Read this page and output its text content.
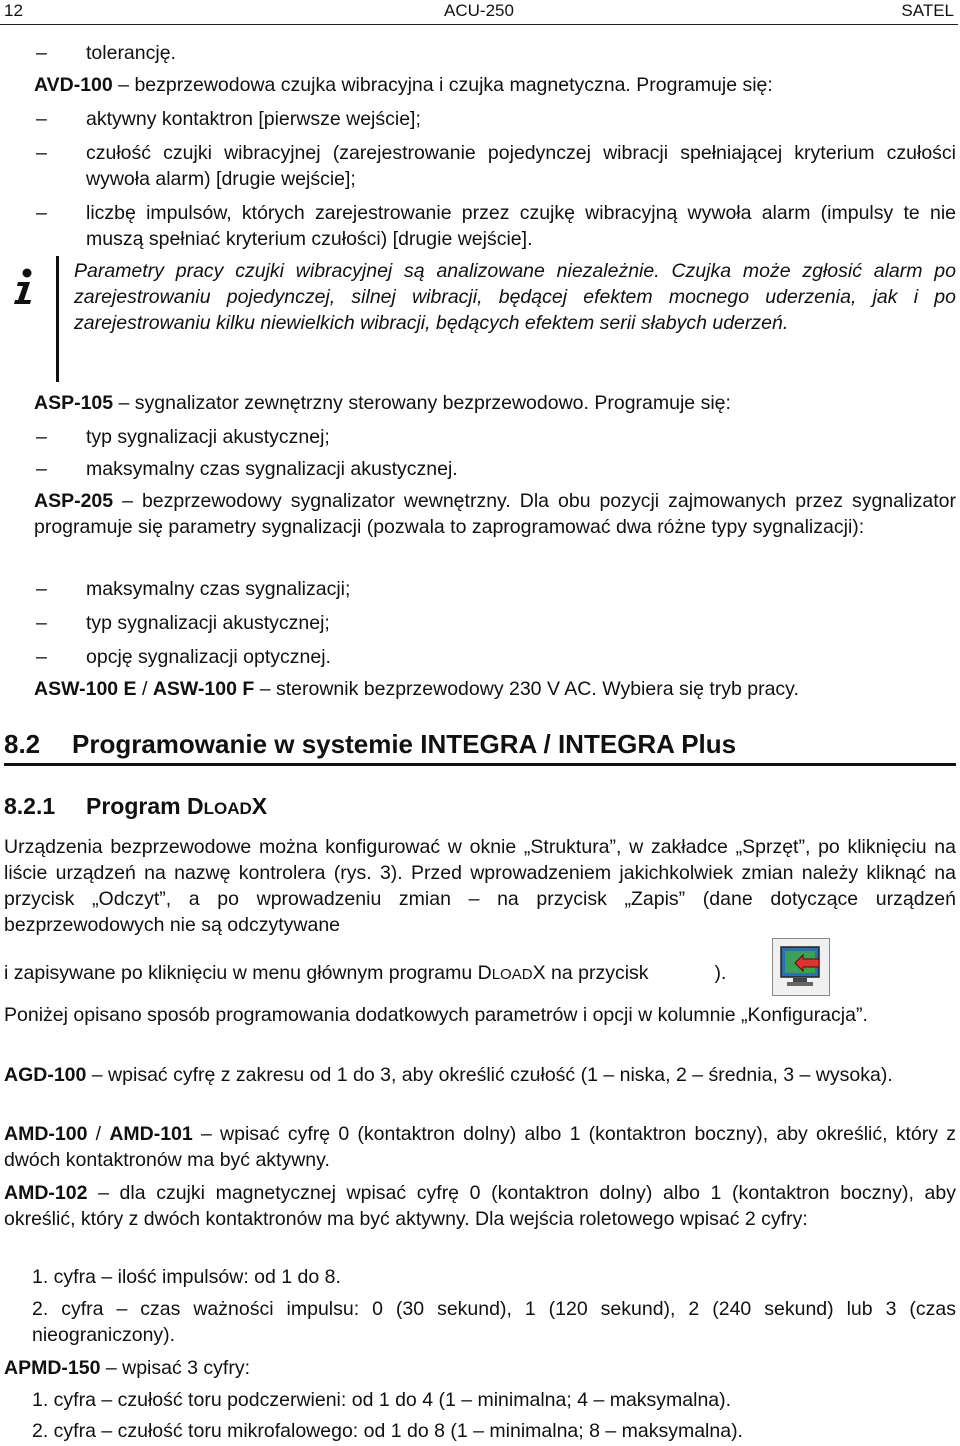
12	ACU-250	SATEL
– tolerancję.
AVD-100 – bezprzewodowa czujka wibracyjna i czujka magnetyczna. Programuje się:
– aktywny kontaktron [pierwsze wejście];
– czułość czujki wibracyjnej (zarejestrowanie pojedynczej wibracji spełniającej kryterium czułości wywoła alarm) [drugie wejście];
– liczbę impulsów, których zarejestrowanie przez czujkę wibracyjną wywoła alarm (impulsy te nie muszą spełniać kryterium czułości) [drugie wejście].
Parametry pracy czujki wibracyjnej są analizowane niezależnie. Czujka może zgłosić alarm po zarejestrowaniu pojedynczej, silnej wibracji, będącej efektem mocnego uderzenia, jak i po zarejestrowaniu kilku niewielkich wibracji, będących efektem serii słabych uderzeń.
ASP-105 – sygnalizator zewnętrzny sterowany bezprzewodowo. Programuje się:
– typ sygnalizacji akustycznej;
– maksymalny czas sygnalizacji akustycznej.
ASP-205 – bezprzewodowy sygnalizator wewnętrzny. Dla obu pozycji zajmowanych przez sygnalizator programuje się parametry sygnalizacji (pozwala to zaprogramować dwa różne typy sygnalizacji):
– maksymalny czas sygnalizacji;
– typ sygnalizacji akustycznej;
– opcję sygnalizacji optycznej.
ASW-100 E / ASW-100 F – sterownik bezprzewodowy 230 V AC. Wybiera się tryb pracy.
8.2 Programowanie w systemie INTEGRA / INTEGRA Plus
8.2.1 Program DLOADX
Urządzenia bezprzewodowe można konfigurować w oknie „Struktura”, w zakładce „Sprzęt”, po kliknięciu na liście urządzeń na nazwę kontrolera (rys. 3). Przed wprowadzeniem jakichkolwiek zmian należy kliknąć na przycisk „Odczyt”, a po wprowadzeniu zmian – na przycisk „Zapis” (dane dotyczące urządzeń bezprzewodowych nie są odczytywane
i zapisywane po kliknięciu w menu głównym programu DLOADX na przycisk	).
Poniżej opisano sposób programowania dodatkowych parametrów i opcji w kolumnie „Konfiguracja”.
AGD-100 – wpisać cyfrę z zakresu od 1 do 3, aby określić czułość (1 – niska, 2 – średnia, 3 – wysoka).
AMD-100 / AMD-101 – wpisać cyfrę 0 (kontaktron dolny) albo 1 (kontaktron boczny), aby określić, który z dwóch kontaktronów ma być aktywny.
AMD-102 – dla czujki magnetycznej wpisać cyfrę 0 (kontaktron dolny) albo 1 (kontaktron boczny), aby określić, który z dwóch kontaktronów ma być aktywny. Dla wejścia roletowego wpisać 2 cyfry:
1. cyfra – ilość impulsów: od 1 do 8.
2. cyfra – czas ważności impulsu: 0 (30 sekund), 1 (120 sekund), 2 (240 sekund) lub 3 (czas nieograniczony).
APMD-150 – wpisać 3 cyfry:
1. cyfra – czułość toru podczerwieni: od 1 do 4 (1 – minimalna; 4 – maksymalna).
2. cyfra – czułość toru mikrofalowego: od 1 do 8 (1 – minimalna; 8 – maksymalna).
